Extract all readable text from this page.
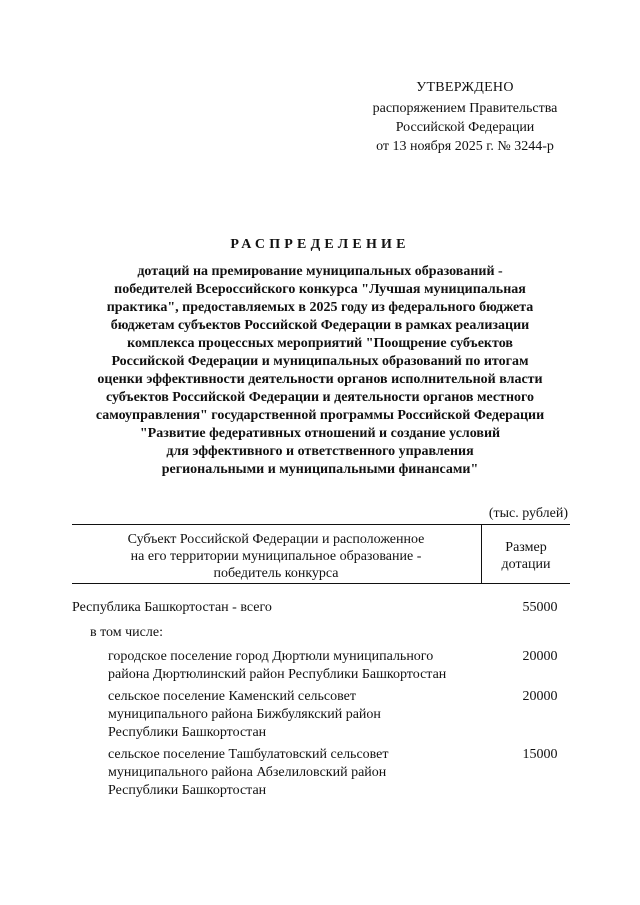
УТВЕРЖДЕНО
распоряжением Правительства
Российской Федерации
от 13 ноября 2025 г. № 3244-р
РАСПРЕДЕЛЕНИЕ
дотаций на премирование муниципальных образований -
победителей Всероссийского конкурса "Лучшая муниципальная
практика", предоставляемых в 2025 году из федерального бюджета
бюджетам субъектов Российской Федерации в рамках реализации
комплекса процессных мероприятий "Поощрение субъектов
Российской Федерации и муниципальных образований по итогам
оценки эффективности деятельности органов исполнительной власти
субъектов Российской Федерации и деятельности органов местного
самоуправления" государственной программы Российской Федерации
"Развитие федеративных отношений и создание условий
для эффективного и ответственного управления
региональными и муниципальными финансами"
(тыс. рублей)
Субъект Российской Федерации и расположенное
на его территории муниципальное образование -
победитель конкурса
Размер
дотации
Республика Башкортостан - всего	55000
в том числе:
городское поселение город Дюртюли муниципального
района Дюртюлинский район Республики Башкортостан
20000
сельское поселение Каменский сельсовет
муниципального района Бижбулякский район
Республики Башкортостан
20000
сельское поселение Ташбулатовский сельсовет
муниципального района Абзелиловский район
Республики Башкортостан
15000
